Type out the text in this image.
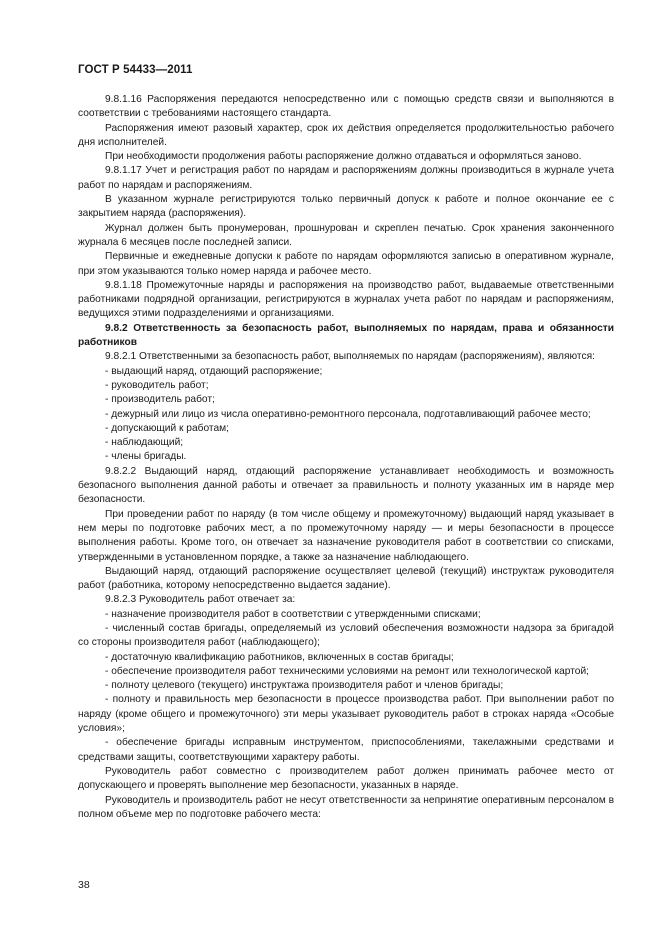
ГОСТ Р 54433—2011

9.8.1.16 Распоряжения передаются непосредственно или с помощью средств связи и выполняются в соответствии с требованиями настоящего стандарта.

Распоряжения имеют разовый характер, срок их действия определяется продолжительностью рабочего дня исполнителей.

При необходимости продолжения работы распоряжение должно отдаваться и оформляться заново.

9.8.1.17 Учет и регистрация работ по нарядам и распоряжениям должны производиться в журнале учета работ по нарядам и распоряжениям.

В указанном журнале регистрируются только первичный допуск к работе и полное окончание ее с закрытием наряда (распоряжения).

Журнал должен быть пронумерован, прошнурован и скреплен печатью. Срок хранения законченного журнала 6 месяцев после последней записи.

Первичные и ежедневные допуски к работе по нарядам оформляются записью в оперативном журнале, при этом указываются только номер наряда и рабочее место.

9.8.1.18 Промежуточные наряды и распоряжения на производство работ, выдаваемые ответственными работниками подрядной организации, регистрируются в журналах учета работ по нарядам и распоряжениям, ведущихся этими подразделениями и организациями.

9.8.2 Ответственность за безопасность работ, выполняемых по нарядам, права и обязанности работников

9.8.2.1 Ответственными за безопасность работ, выполняемых по нарядам (распоряжениям), являются:

- выдающий наряд, отдающий распоряжение;

- руководитель работ;

- производитель работ;

- дежурный или лицо из числа оперативно-ремонтного персонала, подготавливающий рабочее место;

- допускающий к работам;

- наблюдающий;

- члены бригады.

9.8.2.2 Выдающий наряд, отдающий распоряжение устанавливает необходимость и возможность безопасного выполнения данной работы и отвечает за правильность и полноту указанных им в наряде мер безопасности.

При проведении работ по наряду (в том числе общему и промежуточному) выдающий наряд указывает в нем меры по подготовке рабочих мест, а по промежуточному наряду — и меры безопасности в процессе выполнения работы. Кроме того, он отвечает за назначение руководителя работ в соответствии со списками, утвержденными в установленном порядке, а также за назначение наблюдающего.

Выдающий наряд, отдающий распоряжение осуществляет целевой (текущий) инструктаж руководителя работ (работника, которому непосредственно выдается задание).

9.8.2.3 Руководитель работ отвечает за:

- назначение производителя работ в соответствии с утвержденными списками;

- численный состав бригады, определяемый из условий обеспечения возможности надзора за бригадой со стороны производителя работ (наблюдающего);

- достаточную квалификацию работников, включенных в состав бригады;

- обеспечение производителя работ техническими условиями на ремонт или технологической картой;

- полноту целевого (текущего) инструктажа производителя работ и членов бригады;

- полноту и правильность мер безопасности в процессе производства работ. При выполнении работ по наряду (кроме общего и промежуточного) эти меры указывает руководитель работ в строках наряда «Особые условия»;

- обеспечение бригады исправным инструментом, приспособлениями, такелажными средствами и средствами защиты, соответствующими характеру работы.

Руководитель работ совместно с производителем работ должен принимать рабочее место от допускающего и проверять выполнение мер безопасности, указанных в наряде.

Руководитель и производитель работ не несут ответственности за непринятие оперативным персоналом в полном объеме мер по подготовке рабочего места:

38
